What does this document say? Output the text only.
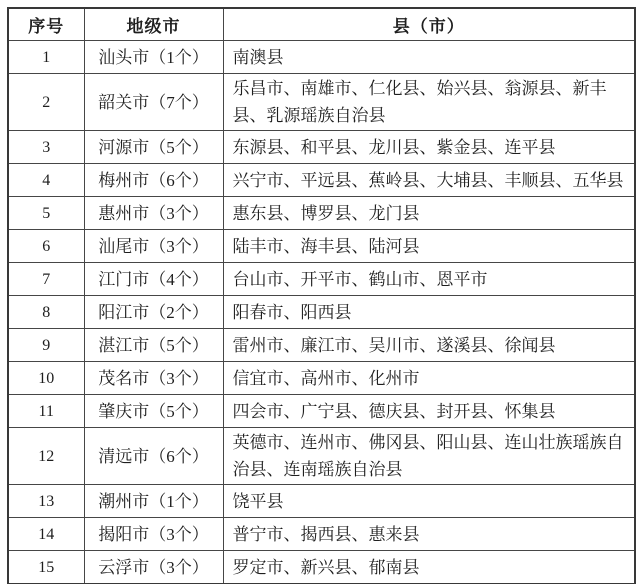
序号	地级市	县（市）
1	汕头市（1个）	南澳县
2	韶关市（7个）	乐昌市、南雄市、仁化县、始兴县、翁源县、新丰县、乳源瑶族自治县
3	河源市（5个）	东源县、和平县、龙川县、紫金县、连平县
4	梅州市（6个）	兴宁市、平远县、蕉岭县、大埔县、丰顺县、五华县
5	惠州市（3个）	惠东县、博罗县、龙门县
6	汕尾市（3个）	陆丰市、海丰县、陆河县
7	江门市（4个）	台山市、开平市、鹤山市、恩平市
8	阳江市（2个）	阳春市、阳西县
9	湛江市（5个）	雷州市、廉江市、吴川市、遂溪县、徐闻县
10	茂名市（3个）	信宜市、高州市、化州市
11	肇庆市（5个）	四会市、广宁县、德庆县、封开县、怀集县
12	清远市（6个）	英德市、连州市、佛冈县、阳山县、连山壮族瑶族自治县、连南瑶族自治县
13	潮州市（1个）	饶平县
14	揭阳市（3个）	普宁市、揭西县、惠来县
15	云浮市（3个）	罗定市、新兴县、郁南县
